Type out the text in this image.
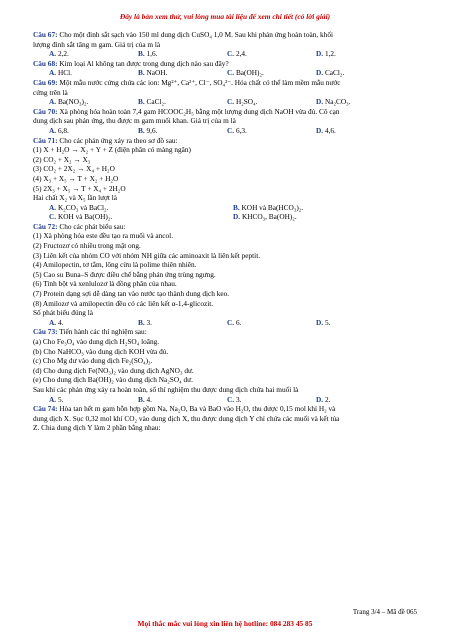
Đây là bản xem thử, vui lòng mua tài liệu để xem chi tiết (có lời giải)
Câu 67: Cho một đinh sắt sạch vào 150 ml dung dịch CuSO₄ 1,0 M. Sau khi phản ứng hoàn toàn, khối
lượng đinh sắt tăng m gam. Giá trị của m là
A. 2,2.	B. 1,6.	C. 2,4.	D. 1,2.
Câu 68: Kim loại Al không tan được trong dung dịch nào sau đây?
A. HCl.	B. NaOH.	C. Ba(OH)₂.	D. CaCl₂.
Câu 69: Một mẫu nước cứng chứa các ion: Mg²⁺, Ca²⁺, Cl⁻, SO₄²⁻. Hóa chất có thể làm mềm mẫu nước
cứng trên là
A. Ba(NO₃)₂.	B. CaCl₂.	C. H₂SO₄.	D. Na₂CO₃.
Câu 70: Xà phòng hóa hoàn toàn 7,4 gam HCOOC₂H₅ bằng một lượng dung dịch NaOH vừa đủ. Cô cạn
dung dịch sau phản ứng, thu được m gam muối khan. Giá trị của m là
A. 6,8.	B. 9,6.	C. 6,3.	D. 4,6.
Câu 71: Cho các phản ứng xảy ra theo sơ đồ sau:
(1) X + H₂O → X₂ + Y + Z (điện phân có màng ngăn)
(2) CO₂ + X₂ → X₃
(3) CO₂ + 2X₂ → X₄ + H₂O
(4) X₃ + X₅ → T + X₂ + H₂O
(5) 2X₃ + X₅ → T + X₄ + 2H₂O
Hai chất X₂ và X₅ lần lượt là
A. K₂CO₃ và BaCl₂.	B. KOH và Ba(HCO₃)₂.
C. KOH và Ba(OH)₂.	D. KHCO₃, Ba(OH)₂.
Câu 72: Cho các phát biểu sau:
(1) Xà phòng hóa este đều tạo ra muối và ancol.
(2) Fructozơ có nhiều trong mật ong.
(3) Liên kết của nhóm CO với nhóm NH giữa các aminoaxit là liên kết peptit.
(4) Amilopectin, tơ tằm, lông cừu là polime thiên nhiên.
(5) Cao su Buna–S được điều chế bằng phản ứng trùng ngưng.
(6) Tinh bột và xenlulozơ là đồng phân của nhau.
(7) Protein dạng sợi dễ dàng tan vào nước tạo thành dung dịch keo.
(8) Amilozơ và amilopectin đều có các liên kết α-1,4-glicozit.
Số phát biểu đúng là
A. 4.	B. 3.	C. 6.	D. 5.
Câu 73: Tiến hành các thí nghiệm sau:
(a) Cho Fe₃O₄ vào dung dịch H₂SO₄ loãng.
(b) Cho NaHCO₃ vào dung dịch KOH vừa đủ.
(c) Cho Mg dư vào dung dịch Fe₂(SO₄)₃.
(d) Cho dung dịch Fe(NO₃)₂ vào dung dịch AgNO₃ dư.
(e) Cho dung dịch Ba(OH)₂ vào dung dịch Na₂SO₄ dư.
Sau khi các phản ứng xảy ra hoàn toàn, số thí nghiệm thu được dung dịch chứa hai muối là
A. 5.	B. 4.	C. 3.	D. 2.
Câu 74: Hòa tan hết m gam hỗn hợp gồm Na, Na₂O, Ba và BaO vào H₂O, thu được 0,15 mol khí H₂ và
dung dịch X. Sục 0,32 mol khí CO₂ vào dung dịch X, thu được dung dịch Y chỉ chứa các muối và kết tủa
Z. Chia dung dịch Y làm 2 phần bằng nhau:
Trang 3/4 – Mã đề 065
Mọi thắc mắc vui lòng xin liên hệ hotline: 084 283 45 85
